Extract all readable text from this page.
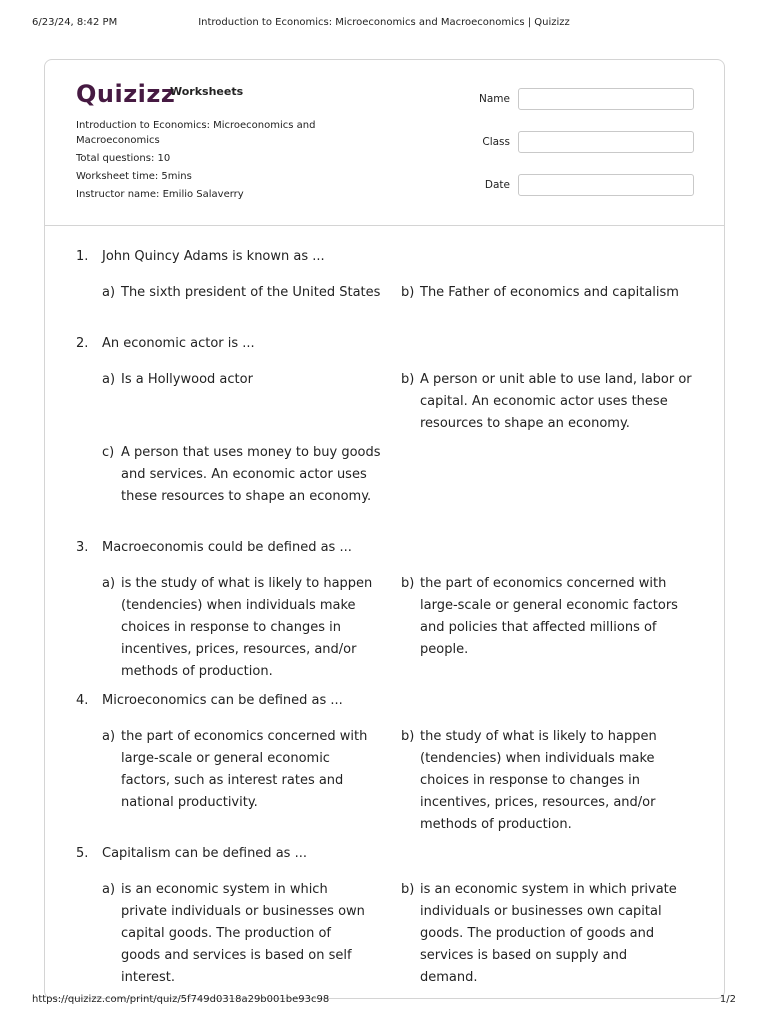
6/23/24, 8:42 PM	Introduction to Economics: Microeconomics and Macroeconomics | Quizizz
Quizizz
Worksheets
Introduction to Economics: Microeconomics and Macroeconomics
Total questions: 10
Worksheet time: 5mins
Instructor name: Emilio Salaverry
Name
Class
Date
1. John Quincy Adams is known as ...
a) The sixth president of the United States	b) The Father of economics and capitalism
2. An economic actor is ...
a) Is a Hollywood actor	b) A person or unit able to use land, labor or capital. An economic actor uses these resources to shape an economy.
c) A person that uses money to buy goods and services. An economic actor uses these resources to shape an economy.
3. Macroeconomis could be defined as ...
a) is the study of what is likely to happen (tendencies) when individuals make choices in response to changes in incentives, prices, resources, and/or methods of production.
b) the part of economics concerned with large-scale or general economic factors and policies that affected millions of people.
4. Microeconomics can be defined as ...
a) the part of economics concerned with large-scale or general economic factors, such as interest rates and national productivity.
b) the study of what is likely to happen (tendencies) when individuals make choices in response to changes in incentives, prices, resources, and/or methods of production.
5. Capitalism can be defined as ...
a) is an economic system in which private individuals or businesses own capital goods. The production of goods and services is based on self interest.
b) is an economic system in which private individuals or businesses own capital goods. The production of goods and services is based on supply and demand.
https://quizizz.com/print/quiz/5f749d0318a29b001be93c98	1/2
